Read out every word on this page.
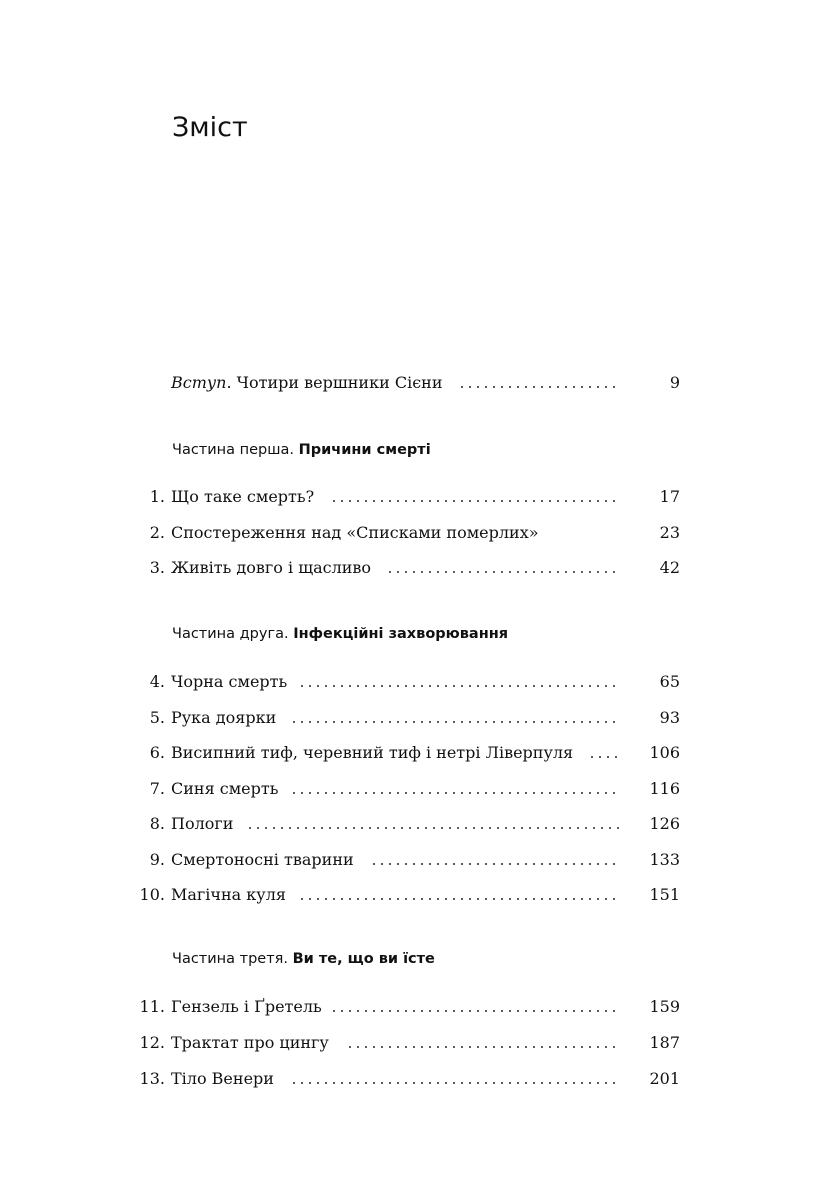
Зміст
Вступ. Чотири вершники Сієни	9
Частина перша. Причини смерті
1. Що таке смерть?	17
2. Спостереження над «Списками померлих»	23
3. Живіть довго і щасливо	42
Частина друга. Інфекційні захворювання
4. Чорна смерть	65
5. Рука доярки	93
6. Висипний тиф, черевний тиф і нетрі Ліверпуля	106
7. Синя смерть	116
8. Пологи	126
9. Смертоносні тварини	133
10. Магічна куля	151
Частина третя. Ви те, що ви їсте
11. Гензель і Ґретель	159
12. Трактат про цингу	187
13. Тіло Венери	201
